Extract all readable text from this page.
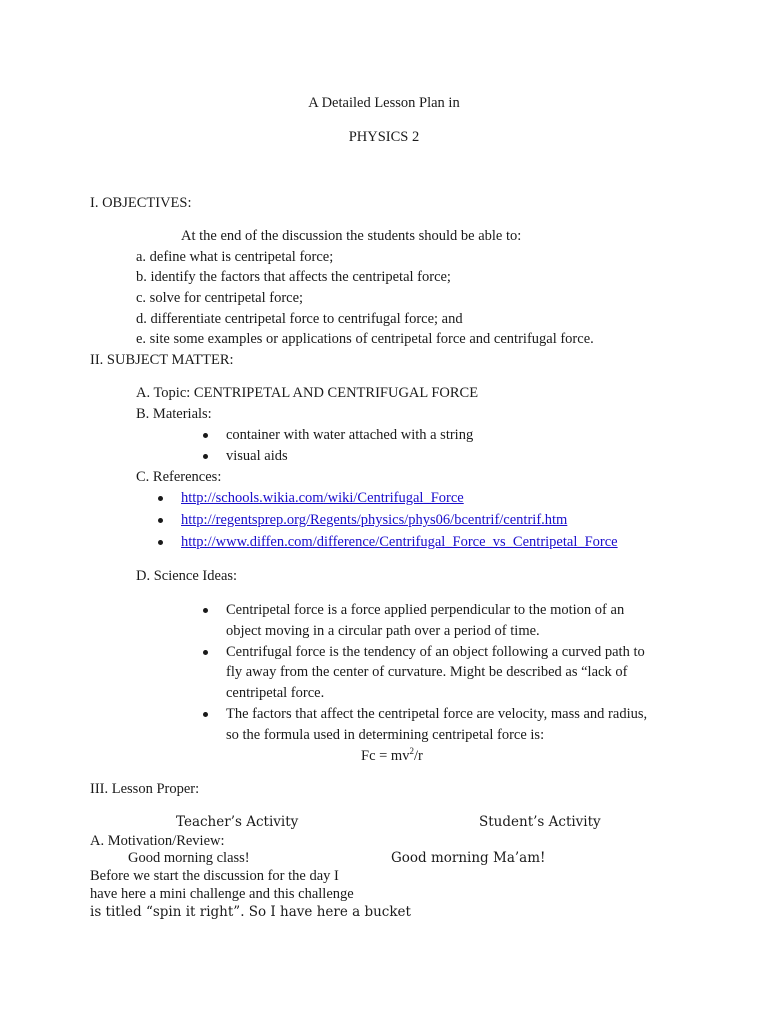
A Detailed Lesson Plan in
PHYSICS 2
I. OBJECTIVES:
At the end of the discussion the students should be able to:
a. define what is centripetal force;
b. identify the factors that affects the centripetal force;
c. solve for centripetal force;
d. differentiate centripetal force to centrifugal force; and
e. site some examples or applications of centripetal force and centrifugal force.
II. SUBJECT MATTER:
A. Topic: CENTRIPETAL AND CENTRIFUGAL FORCE
B. Materials:
container with water attached with a string
visual aids
C. References:
http://schools.wikia.com/wiki/Centrifugal_Force
http://regentsprep.org/Regents/physics/phys06/bcentrif/centrif.htm
http://www.diffen.com/difference/Centrifugal_Force_vs_Centripetal_Force
D. Science Ideas:
Centripetal force is a force applied perpendicular to the motion of an
object moving in a circular path over a period of time.
Centrifugal force is the tendency of an object following a curved path to
fly away from the center of curvature. Might be described as “lack of
centripetal force.
The factors that affect the centripetal force are velocity, mass and radius,
so the formula used in determining centripetal force is:
$Fc = mv^2/r$
III. Lesson Proper:
Teacher’s Activity	Student’s Activity
A. Motivation/Review:
Good morning class!	Good morning Ma’am!
Before we start the discussion for the day I
have here a mini challenge and this challenge
is titled “spin it right”. So I have here a bucket
